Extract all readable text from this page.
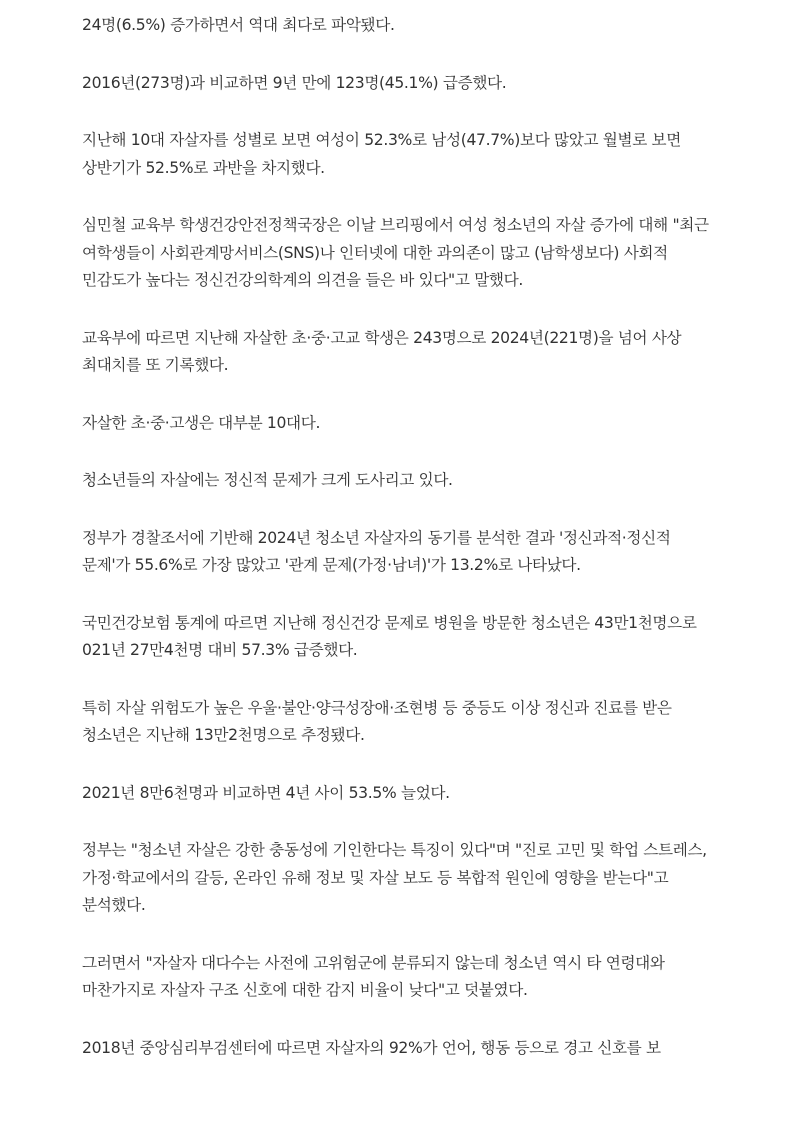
24명(6.5%) 증가하면서 역대 최다로 파악됐다.

2016년(273명)과 비교하면 9년 만에 123명(45.1%) 급증했다.

지난해 10대 자살자를 성별로 보면 여성이 52.3%로 남성(47.7%)보다 많았고 월별로 보면 상반기가 52.5%로 과반을 차지했다.

심민철 교육부 학생건강안전정책국장은 이날 브리핑에서 여성 청소년의 자살 증가에 대해 "최근 여학생들이 사회관계망서비스(SNS)나 인터넷에 대한 과의존이 많고 (남학생보다) 사회적 민감도가 높다는 정신건강의학계의 의견을 들은 바 있다"고 말했다.

교육부에 따르면 지난해 자살한 초·중·고교 학생은 243명으로 2024년(221명)을 넘어 사상 최대치를 또 기록했다.

자살한 초·중·고생은 대부분 10대다.

청소년들의 자살에는 정신적 문제가 크게 도사리고 있다.

정부가 경찰조서에 기반해 2024년 청소년 자살자의 동기를 분석한 결과 '정신과적·정신적 문제'가 55.6%로 가장 많았고 '관계 문제(가정·남녀)'가 13.2%로 나타났다.

국민건강보험 통계에 따르면 지난해 정신건강 문제로 병원을 방문한 청소년은 43만1천명으로 021년 27만4천명 대비 57.3% 급증했다.

특히 자살 위험도가 높은 우울·불안·양극성장애·조현병 등 중등도 이상 정신과 진료를 받은 청소년은 지난해 13만2천명으로 추정됐다.

2021년 8만6천명과 비교하면 4년 사이 53.5% 늘었다.

정부는 "청소년 자살은 강한 충동성에 기인한다는 특징이 있다"며 "진로 고민 및 학업 스트레스, 가정·학교에서의 갈등, 온라인 유해 정보 및 자살 보도 등 복합적 원인에 영향을 받는다"고 분석했다.

그러면서 "자살자 대다수는 사전에 고위험군에 분류되지 않는데 청소년 역시 타 연령대와 마찬가지로 자살자 구조 신호에 대한 감지 비율이 낮다"고 덧붙였다.

2018년 중앙심리부검센터에 따르면 자살자의 92%가 언어, 행동 등으로 경고 신호를 보
